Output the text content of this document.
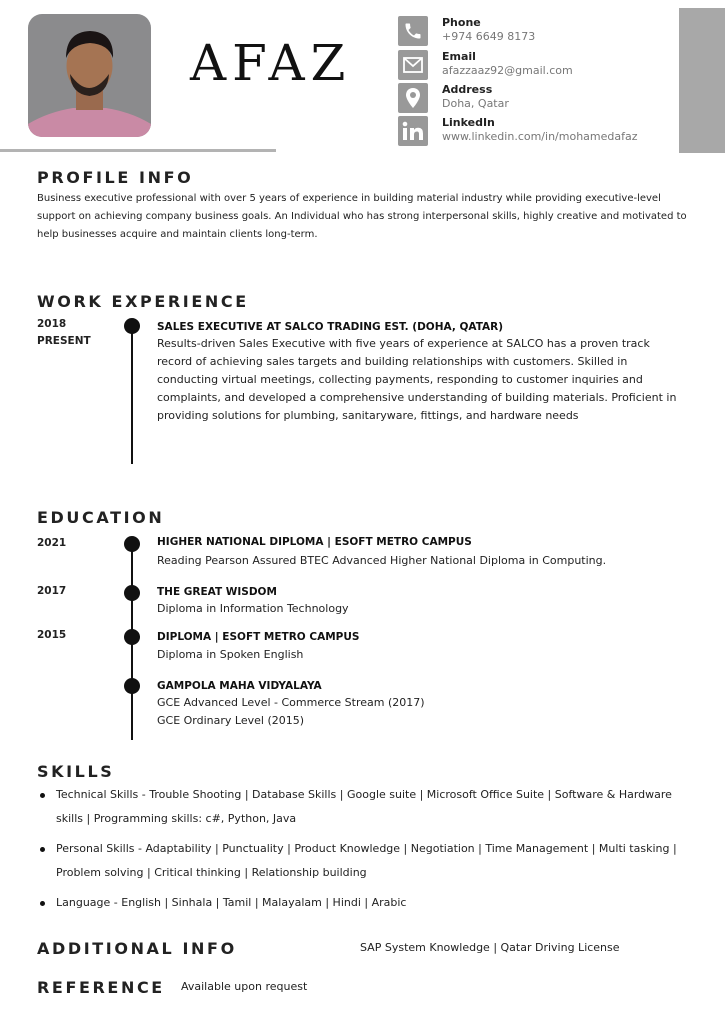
AFAZ
Phone
+974 6649 8173
Email
afazzaaz92@gmail.com
Address
Doha, Qatar
LinkedIn
www.linkedin.com/in/mohamedafaz
PROFILE INFO
Business executive professional with over 5 years of experience in building material industry while providing executive-level support on achieving company business goals. An Individual who has strong interpersonal skills, highly creative and motivated to help businesses acquire and maintain clients long-term.
WORK EXPERIENCE
2018
PRESENT
SALES EXECUTIVE AT SALCO TRADING EST. (DOHA, QATAR)
Results-driven Sales Executive with five years of experience at SALCO has a proven track record of achieving sales targets and building relationships with customers. Skilled in conducting virtual meetings, collecting payments, responding to customer inquiries and complaints, and developed a comprehensive understanding of building materials. Proficient in providing solutions for plumbing, sanitaryware, fittings, and hardware needs
EDUCATION
2021	HIGHER NATIONAL DIPLOMA | ESOFT METRO CAMPUS
Reading Pearson Assured BTEC Advanced Higher National Diploma in Computing.
2017	THE GREAT WISDOM
Diploma in Information Technology
2015	DIPLOMA | ESOFT METRO CAMPUS
Diploma in Spoken English
GAMPOLA MAHA VIDYALAYA
GCE Advanced Level - Commerce Stream (2017)
GCE Ordinary Level (2015)
SKILLS
Technical Skills - Trouble Shooting | Database Skills | Google suite | Microsoft Office Suite | Software & Hardware skills | Programming skills: c#, Python, Java
Personal Skills - Adaptability | Punctuality | Product Knowledge | Negotiation | Time Management | Multi tasking | Problem solving | Critical thinking | Relationship building
Language - English | Sinhala | Tamil | Malayalam | Hindi | Arabic
ADDITIONAL INFO	SAP System Knowledge | Qatar Driving License
REFERENCE Available upon request
